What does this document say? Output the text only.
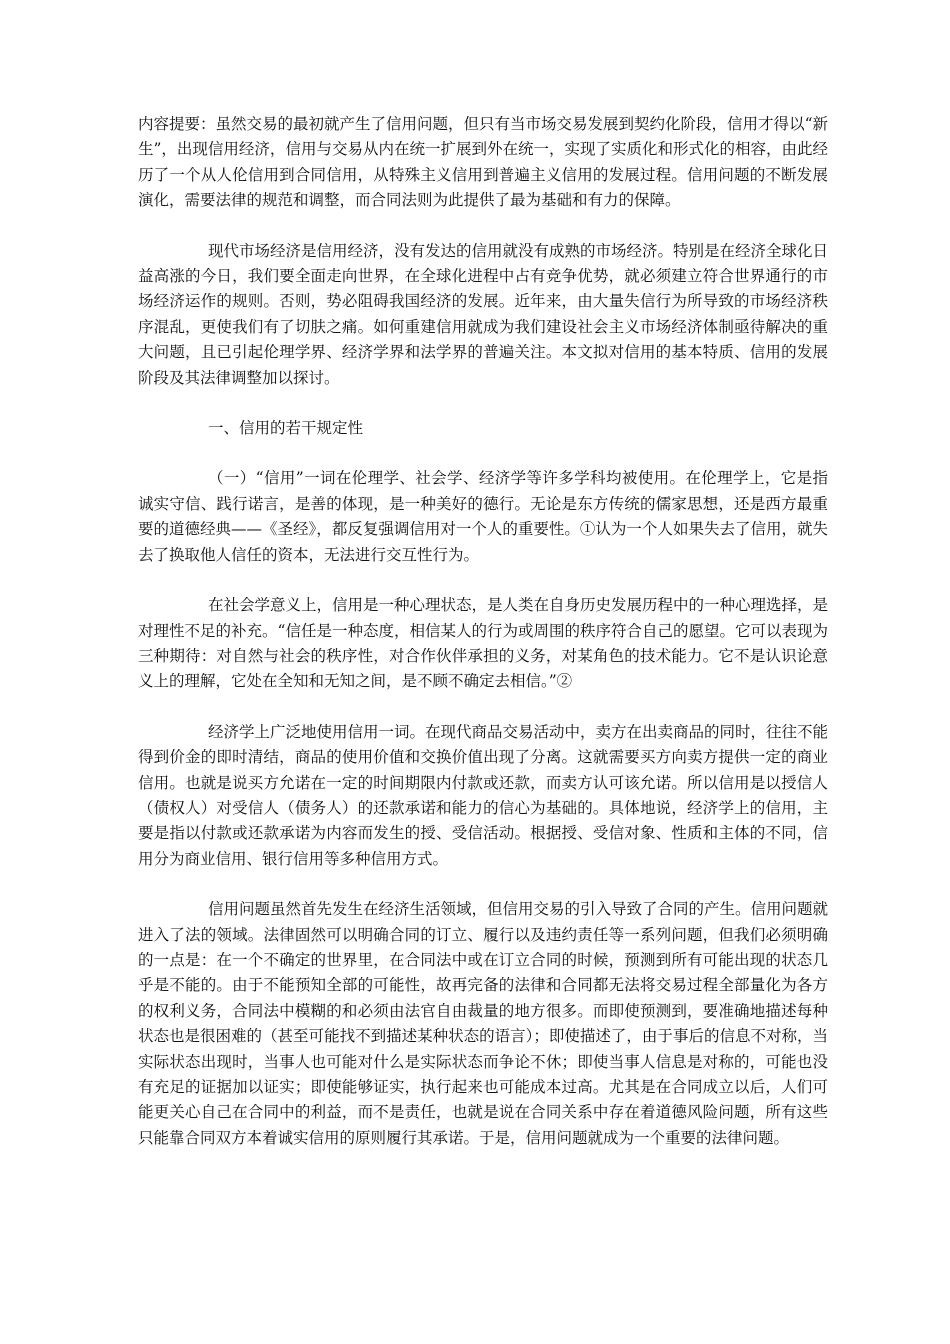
内容提要：虽然交易的最初就产生了信用问题，但只有当市场交易发展到契约化阶段，信用才得以“新生”，出现信用经济，信用与交易从内在统一扩展到外在统一，实现了实质化和形式化的相容，由此经历了一个从人伦信用到合同信用，从特殊主义信用到普遍主义信用的发展过程。信用问题的不断发展演化，需要法律的规范和调整，而合同法则为此提供了最为基础和有力的保障。

现代市场经济是信用经济，没有发达的信用就没有成熟的市场经济。特别是在经济全球化日益高涨的今日，我们要全面走向世界，在全球化进程中占有竞争优势，就必须建立符合世界通行的市场经济运作的规则。否则，势必阻碍我国经济的发展。近年来，由大量失信行为所导致的市场经济秩序混乱，更使我们有了切肤之痛。如何重建信用就成为我们建设社会主义市场经济体制亟待解决的重大问题，且已引起伦理学界、经济学界和法学界的普遍关注。本文拟对信用的基本特质、信用的发展阶段及其法律调整加以探讨。

一、信用的若干规定性

（一）“信用”一词在伦理学、社会学、经济学等许多学科均被使用。在伦理学上，它是指诚实守信、践行诺言，是善的体现，是一种美好的德行。无论是东方传统的儒家思想，还是西方最重要的道德经典——《圣经》，都反复强调信用对一个人的重要性。①认为一个人如果失去了信用，就失去了换取他人信任的资本，无法进行交互性行为。

在社会学意义上，信用是一种心理状态，是人类在自身历史发展历程中的一种心理选择，是对理性不足的补充。“信任是一种态度，相信某人的行为或周围的秩序符合自己的愿望。它可以表现为三种期待：对自然与社会的秩序性，对合作伙伴承担的义务，对某角色的技术能力。它不是认识论意义上的理解，它处在全知和无知之间，是不顾不确定去相信。”②

经济学上广泛地使用信用一词。在现代商品交易活动中，卖方在出卖商品的同时，往往不能得到价金的即时清结，商品的使用价值和交换价值出现了分离。这就需要买方向卖方提供一定的商业信用。也就是说买方允诺在一定的时间期限内付款或还款，而卖方认可该允诺。所以信用是以授信人（债权人）对受信人（债务人）的还款承诺和能力的信心为基础的。具体地说，经济学上的信用，主要是指以付款或还款承诺为内容而发生的授、受信活动。根据授、受信对象、性质和主体的不同，信用分为商业信用、银行信用等多种信用方式。

信用问题虽然首先发生在经济生活领域，但信用交易的引入导致了合同的产生。信用问题就进入了法的领域。法律固然可以明确合同的订立、履行以及违约责任等一系列问题，但我们必须明确的一点是：在一个不确定的世界里，在合同法中或在订立合同的时候，预测到所有可能出现的状态几乎是不能的。由于不能预知全部的可能性，故再完备的法律和合同都无法将交易过程全部量化为各方的权利义务，合同法中模糊的和必须由法官自由裁量的地方很多。而即使预测到，要准确地描述每种状态也是很困难的（甚至可能找不到描述某种状态的语言）；即使描述了，由于事后的信息不对称，当实际状态出现时，当事人也可能对什么是实际状态而争论不休；即使当事人信息是对称的，可能也没有充足的证据加以证实；即使能够证实，执行起来也可能成本过高。尤其是在合同成立以后，人们可能更关心自己在合同中的利益，而不是责任，也就是说在合同关系中存在着道德风险问题，所有这些只能靠合同双方本着诚实信用的原则履行其承诺。于是，信用问题就成为一个重要的法律问题。
